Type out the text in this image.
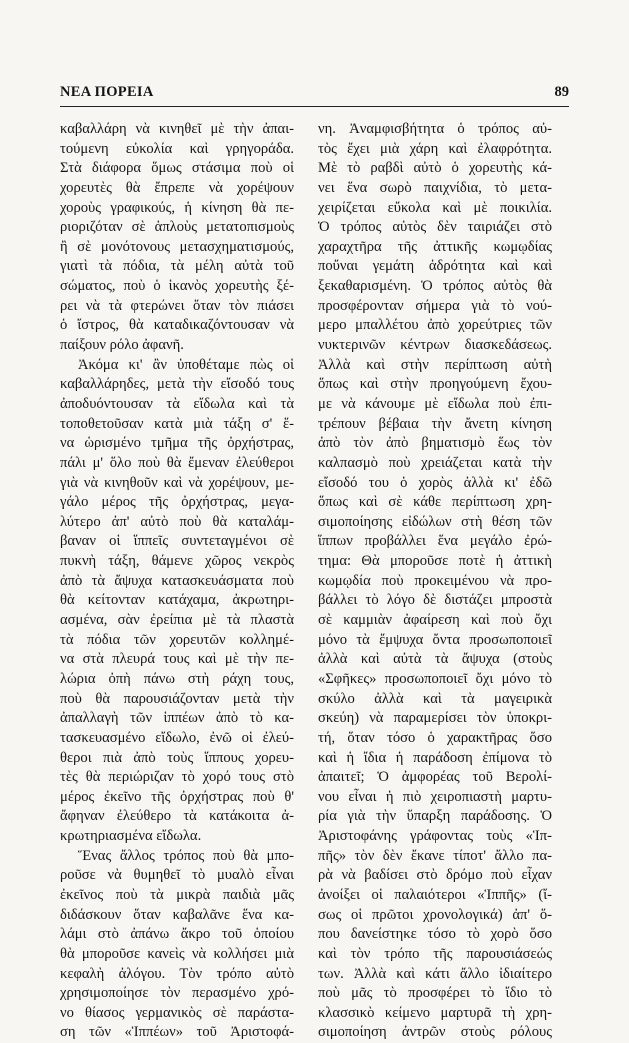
ΝΕΑ ΠΟΡΕΙΑ	89
καβαλλάρη νὰ κινηθεῖ μὲ τὴν ἀπαι-
τούμενη εὐκολία καὶ γρηγοράδα.
Στὰ διάφορα ὅμως στάσιμα ποὺ οἱ
χορευτὲς θὰ ἔπρεπε νὰ χορέψουν
χοροὺς γραφικούς, ἡ κίνηση θὰ πε-
ριοριζόταν σὲ ἁπλοὺς μετατοπισμοὺς
ἢ σὲ μονότονους μετασχηματισμούς,
γιατὶ τὰ πόδια, τὰ μέλη αὐτὰ τοῦ
σώματος, ποὺ ὁ ἱκανὸς χορευτὴς ξέ-
ρει νὰ τὰ φτερώνει ὅταν τὸν πιάσει
ὁ ἴστρος, θὰ καταδικαζόντουσαν νὰ
παίξουν ρόλο ἀφανῆ.
Ἀκόμα κι' ἂν ὑποθέταμε πὼς οἱ
καβαλλάρηδες, μετὰ τὴν εἴσοδό τους
ἀποδυόντουσαν τὰ εἴδωλα καὶ τὰ
τοποθετοῦσαν κατὰ μιὰ τάξη σ' ἕ-
να ὡρισμένο τμῆμα τῆς ὀρχήστρας,
πάλι μ' ὅλο ποὺ θὰ ἔμεναν ἐλεύθεροι
γιὰ νὰ κινηθοῦν καὶ νὰ χορέψουν, με-
γάλο μέρος τῆς ὀρχήστρας, μεγα-
λύτερο ἀπ' αὐτὸ ποὺ θὰ καταλάμ-
βαναν οἱ ἵππεῖς συντεταγμένοι σὲ
πυκνὴ τάξη, θάμενε χῶρος νεκρὸς
ἀπὸ τὰ ἄψυχα κατασκευάσματα ποὺ
θὰ κείτονταν κατάχαμα, ἀκρωτηρι-
ασμένα, σὰν ἐρείπια μὲ τὰ πλαστὰ
τὰ πόδια τῶν χορευτῶν κολλημέ-
να στὰ πλευρά τους καὶ μὲ τὴν πε-
λώρια ὀπὴ πάνω στὴ ράχη τους,
ποὺ θὰ παρουσιάζονταν μετὰ τὴν
ἀπαλλαγὴ τῶν ἱππέων ἀπὸ τὸ κα-
τασκευασμένο εἴδωλο, ἐνῶ οἱ ἐλεύ-
θεροι πιὰ ἀπὸ τοὺς ἵππους χορευ-
τὲς θὰ περιώριζαν τὸ χορό τους στὸ
μέρος ἐκεῖνο τῆς ὀρχήστρας ποὺ θ'
ἄφηναν ἐλεύθερο τὰ κατάκοιτα ἀ-
κρωτηριασμένα εἴδωλα.
Ἕνας ἄλλος τρόπος ποὺ θὰ μπο-
ροῦσε νὰ θυμηθεῖ τὸ μυαλὸ εἶναι
ἐκεῖνος ποὺ τὰ μικρὰ παιδιὰ μᾶς
διδάσκουν ὅταν καβαλᾶνε ἕνα κα-
λάμι στὸ ἀπάνω ἄκρο τοῦ ὁποίου
θὰ μποροῦσε κανεὶς νὰ κολλήσει μιὰ
κεφαλὴ ἀλόγου. Τὸν τρόπο αὐτὸ
χρησιμοποίησε τὸν περασμένο χρό-
νο θίασος γερμανικὸς σὲ παράστα-
ση τῶν «Ἱππέων» τοῦ Ἀριστοφά-
νη. Ἀναμφισβήτητα ὁ τρόπος αὐ-
τὸς ἔχει μιὰ χάρη καὶ ἐλαφρότητα.
Μὲ τὸ ραβδὶ αὐτὸ ὁ χορευτὴς κά-
νει ἕνα σωρὸ παιχνίδια, τὸ μετα-
χειρίζεται εὔκολα καὶ μὲ ποικιλία.
Ὁ τρόπος αὐτὸς δὲν ταιριάζει στὸ
χαραχτῆρα τῆς ἀττικῆς κωμῳδίας
ποὔναι γεμάτη ἁδρότητα καὶ καὶ
ξεκαθαρισμένη. Ὁ τρόπος αὐτὸς θὰ
προσφέρονταν σήμερα γιὰ τὸ νού-
μερο μπαλλέτου ἀπὸ χορεύτριες τῶν
νυκτερινῶν κέντρων διασκεδάσεως.
Ἀλλὰ καὶ στὴν περίπτωση αὐτὴ
ὅπως καὶ στὴν προηγούμενη ἔχου-
με νὰ κάνουμε μὲ εἴδωλα ποὺ ἐπι-
τρέπουν βέβαια τὴν ἄνετη κίνηση
ἀπὸ τὸν ἀπὸ βηματισμὸ ἕως τὸν
καλπασμὸ ποὺ χρειάζεται κατὰ τὴν
εἴσοδό του ὁ χορὸς ἀλλὰ κι' ἐδῶ
ὅπως καὶ σὲ κάθε περίπτωση χρη-
σιμοποίησης εἰδώλων στὴ θέση τῶν
ἵππων προβάλλει ἕνα μεγάλο ἐρώ-
τημα: Θὰ μποροῦσε ποτὲ ἡ ἀττικὴ
κωμῳδία ποὺ προκειμένου νὰ προ-
βάλλει τὸ λόγο δὲ διστάζει μπροστὰ
σὲ καμμιὰν ἀφαίρεση καὶ ποὺ ὄχι
μόνο τὰ ἔμψυχα ὄντα προσωποποιεῖ
ἀλλὰ καὶ αὐτὰ τὰ ἄψυχα (στοὺς
«Σφῆκες» προσωποποιεῖ ὄχι μόνο τὸ
σκύλο ἀλλὰ καὶ τὰ μαγειρικὰ
σκεύη) νὰ παραμερίσει τὸν ὑποκρι-
τή, ὅταν τόσο ὁ χαρακτῆρας ὅσο
καὶ ἡ ἴδια ἡ παράδοση ἐπίμονα τὸ
ἀπαιτεῖ; Ὁ ἀμφορέας τοῦ Βερολί-
νου εἶναι ἡ πιὸ χειροπιαστὴ μαρτυ-
ρία γιὰ τὴν ὕπαρξη παράδοσης. Ὁ
Ἀριστοφάνης γράφοντας τοὺς «Ἱπ-
πῆς» τὸν δὲν ἔκανε τίποτ' ἄλλο πα-
ρὰ νὰ βαδίσει στὸ δρόμο ποὺ εἶχαν
ἀνοίξει οἱ παλαιότεροι «Ἱππῆς» (ἴ-
σως οἱ πρῶτοι χρονολογικά) ἀπ' ὅ-
που δανείστηκε τόσο τὸ χορὸ ὅσο
καὶ τὸν τρόπο τῆς παρουσιάσεώς
των. Ἀλλὰ καὶ κάτι ἄλλο ἰδιαίτερο
ποὺ μᾶς τὸ προσφέρει τὸ ἴδιο τὸ
κλασσικὸ κείμενο μαρτυρᾶ τὴ χρη-
σιμοποίηση ἀντρῶν στοὺς ρόλους
